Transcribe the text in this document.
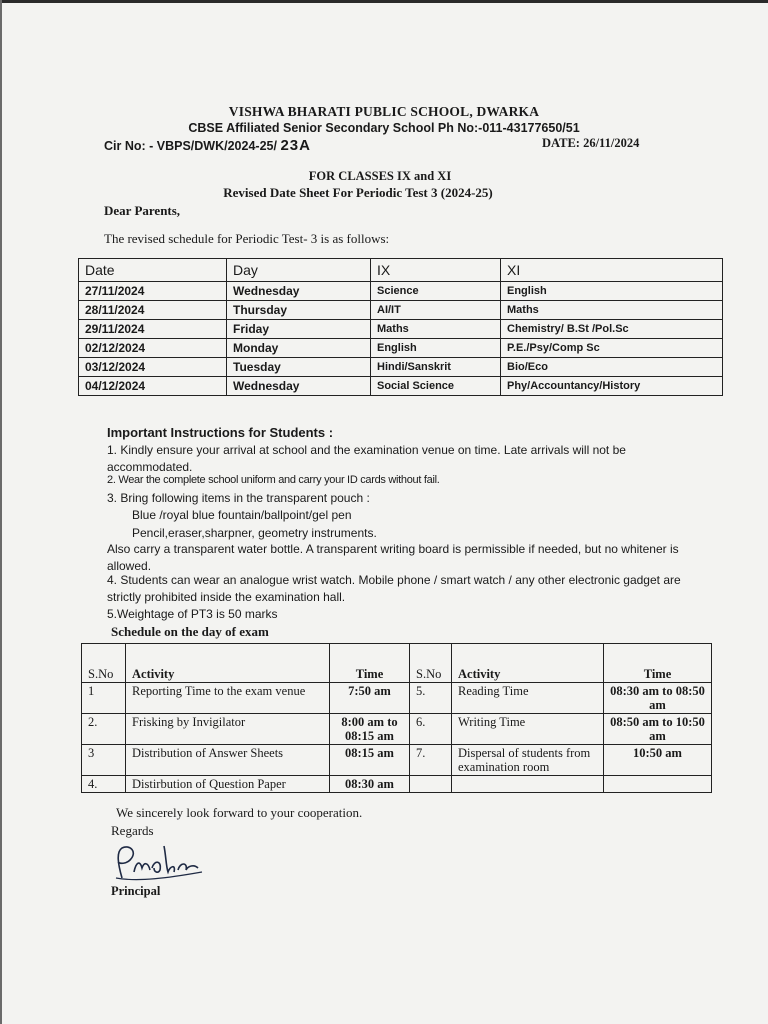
VISHWA BHARATI PUBLIC SCHOOL, DWARKA
CBSE Affiliated Senior Secondary School Ph No:-011-43177650/51
Cir No: - VBPS/DWK/2024-25/ 23A	DATE: 26/11/2024
FOR CLASSES IX and XI
Revised Date Sheet For Periodic Test 3 (2024-25)
Dear Parents,
The revised schedule for Periodic Test- 3 is as follows:
Date	Day	IX	XI
27/11/2024	Wednesday	Science	English
28/11/2024	Thursday	AI/IT	Maths
29/11/2024	Friday	Maths	Chemistry/ B.St /Pol.Sc
02/12/2024	Monday	English	P.E./Psy/Comp Sc
03/12/2024	Tuesday	Hindi/Sanskrit	Bio/Eco
04/12/2024	Wednesday	Social Science	Phy/Accountancy/History
Important Instructions for Students :
1. Kindly ensure your arrival at school and the examination venue on time. Late arrivals will not be
accommodated.
2. Wear the complete school uniform and carry your ID cards without fail.
3. Bring following items in the transparent pouch :
Blue /royal blue fountain/ballpoint/gel pen
Pencil,eraser,sharpner, geometry instruments.
Also carry a transparent water bottle. A transparent writing board is permissible if needed, but no whitener is
allowed.
4. Students can wear an analogue wrist watch. Mobile phone / smart watch / any other electronic gadget are
strictly prohibited inside the examination hall.
5.Weightage of PT3 is 50 marks
Schedule on the day of exam
S.No	Activity	Time	S.No	Activity	Time
1	Reporting Time to the exam venue	7:50 am	5.	Reading Time	08:30 am to 08:50 am
2.	Frisking by Invigilator	8:00 am to 08:15 am	6.	Writing Time	08:50 am to 10:50 am
3	Distribution of Answer Sheets	08:15 am	7.	Dispersal of students from examination room	10:50 am
4.	Distirbution of Question Paper	08:30 am			
We sincerely look forward to your cooperation.
Regards
Principal
